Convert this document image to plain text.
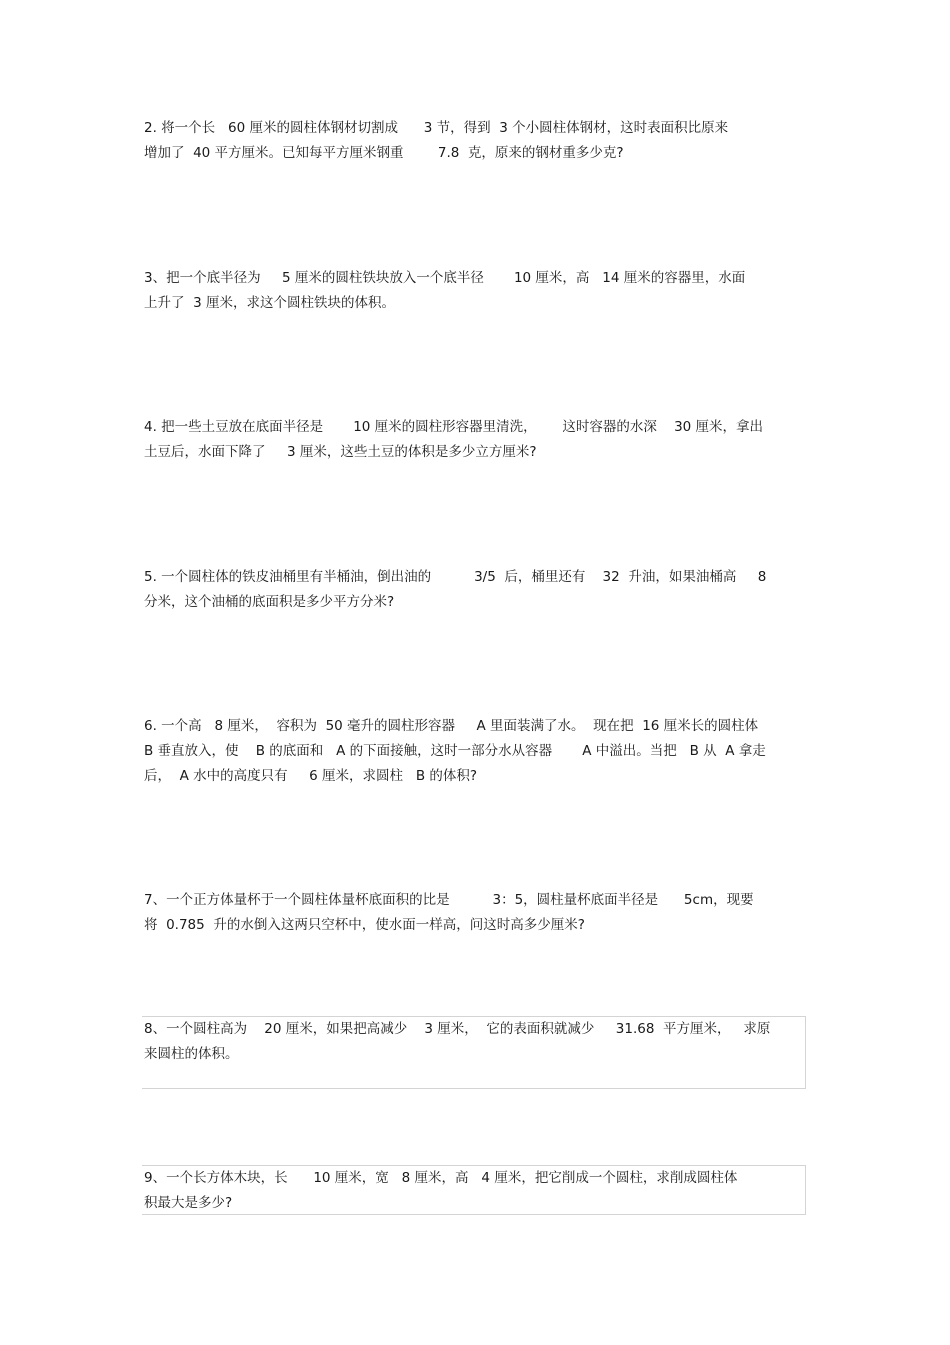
2. 将一个长   60 厘米的圆柱体钢材切割成      3 节，得到  3 个小圆柱体钢材，这时表面积比原来
增加了  40 平方厘米。已知每平方厘米钢重        7.8  克，原来的钢材重多少克?
3、把一个底半径为     5 厘米的圆柱铁块放入一个底半径       10 厘米，高   14 厘米的容器里，水面
上升了  3 厘米，求这个圆柱铁块的体积。
4. 把一些土豆放在底面半径是       10 厘米的圆柱形容器里清洗，      这时容器的水深    30 厘米，拿出
土豆后，水面下降了     3 厘米，这些土豆的体积是多少立方厘米?
5. 一个圆柱体的铁皮油桶里有半桶油，倒出油的          3/5  后，桶里还有    32  升油，如果油桶高     8
分米，这个油桶的底面积是多少平方分米?
6. 一个高   8 厘米，  容积为  50 毫升的圆柱形容器     A 里面装满了水。  现在把  16 厘米长的圆柱体
B 垂直放入，使    B 的底面和   A 的下面接触，这时一部分水从容器       A 中溢出。当把   B 从  A 拿走
后，  A 水中的高度只有     6 厘米，求圆柱   B 的体积?
7、一个正方体量杯于一个圆柱体量杯底面积的比是          3：5，圆柱量杯底面半径是      5cm，现要
将  0.785  升的水倒入这两只空杯中，使水面一样高，问这时高多少厘米?
8、一个圆柱高为    20 厘米，如果把高减少    3 厘米，  它的表面积就减少     31.68  平方厘米，   求原
来圆柱的体积。
9、一个长方体木块，长      10 厘米，宽   8 厘米，高   4 厘米，把它削成一个圆柱，求削成圆柱体
积最大是多少?
